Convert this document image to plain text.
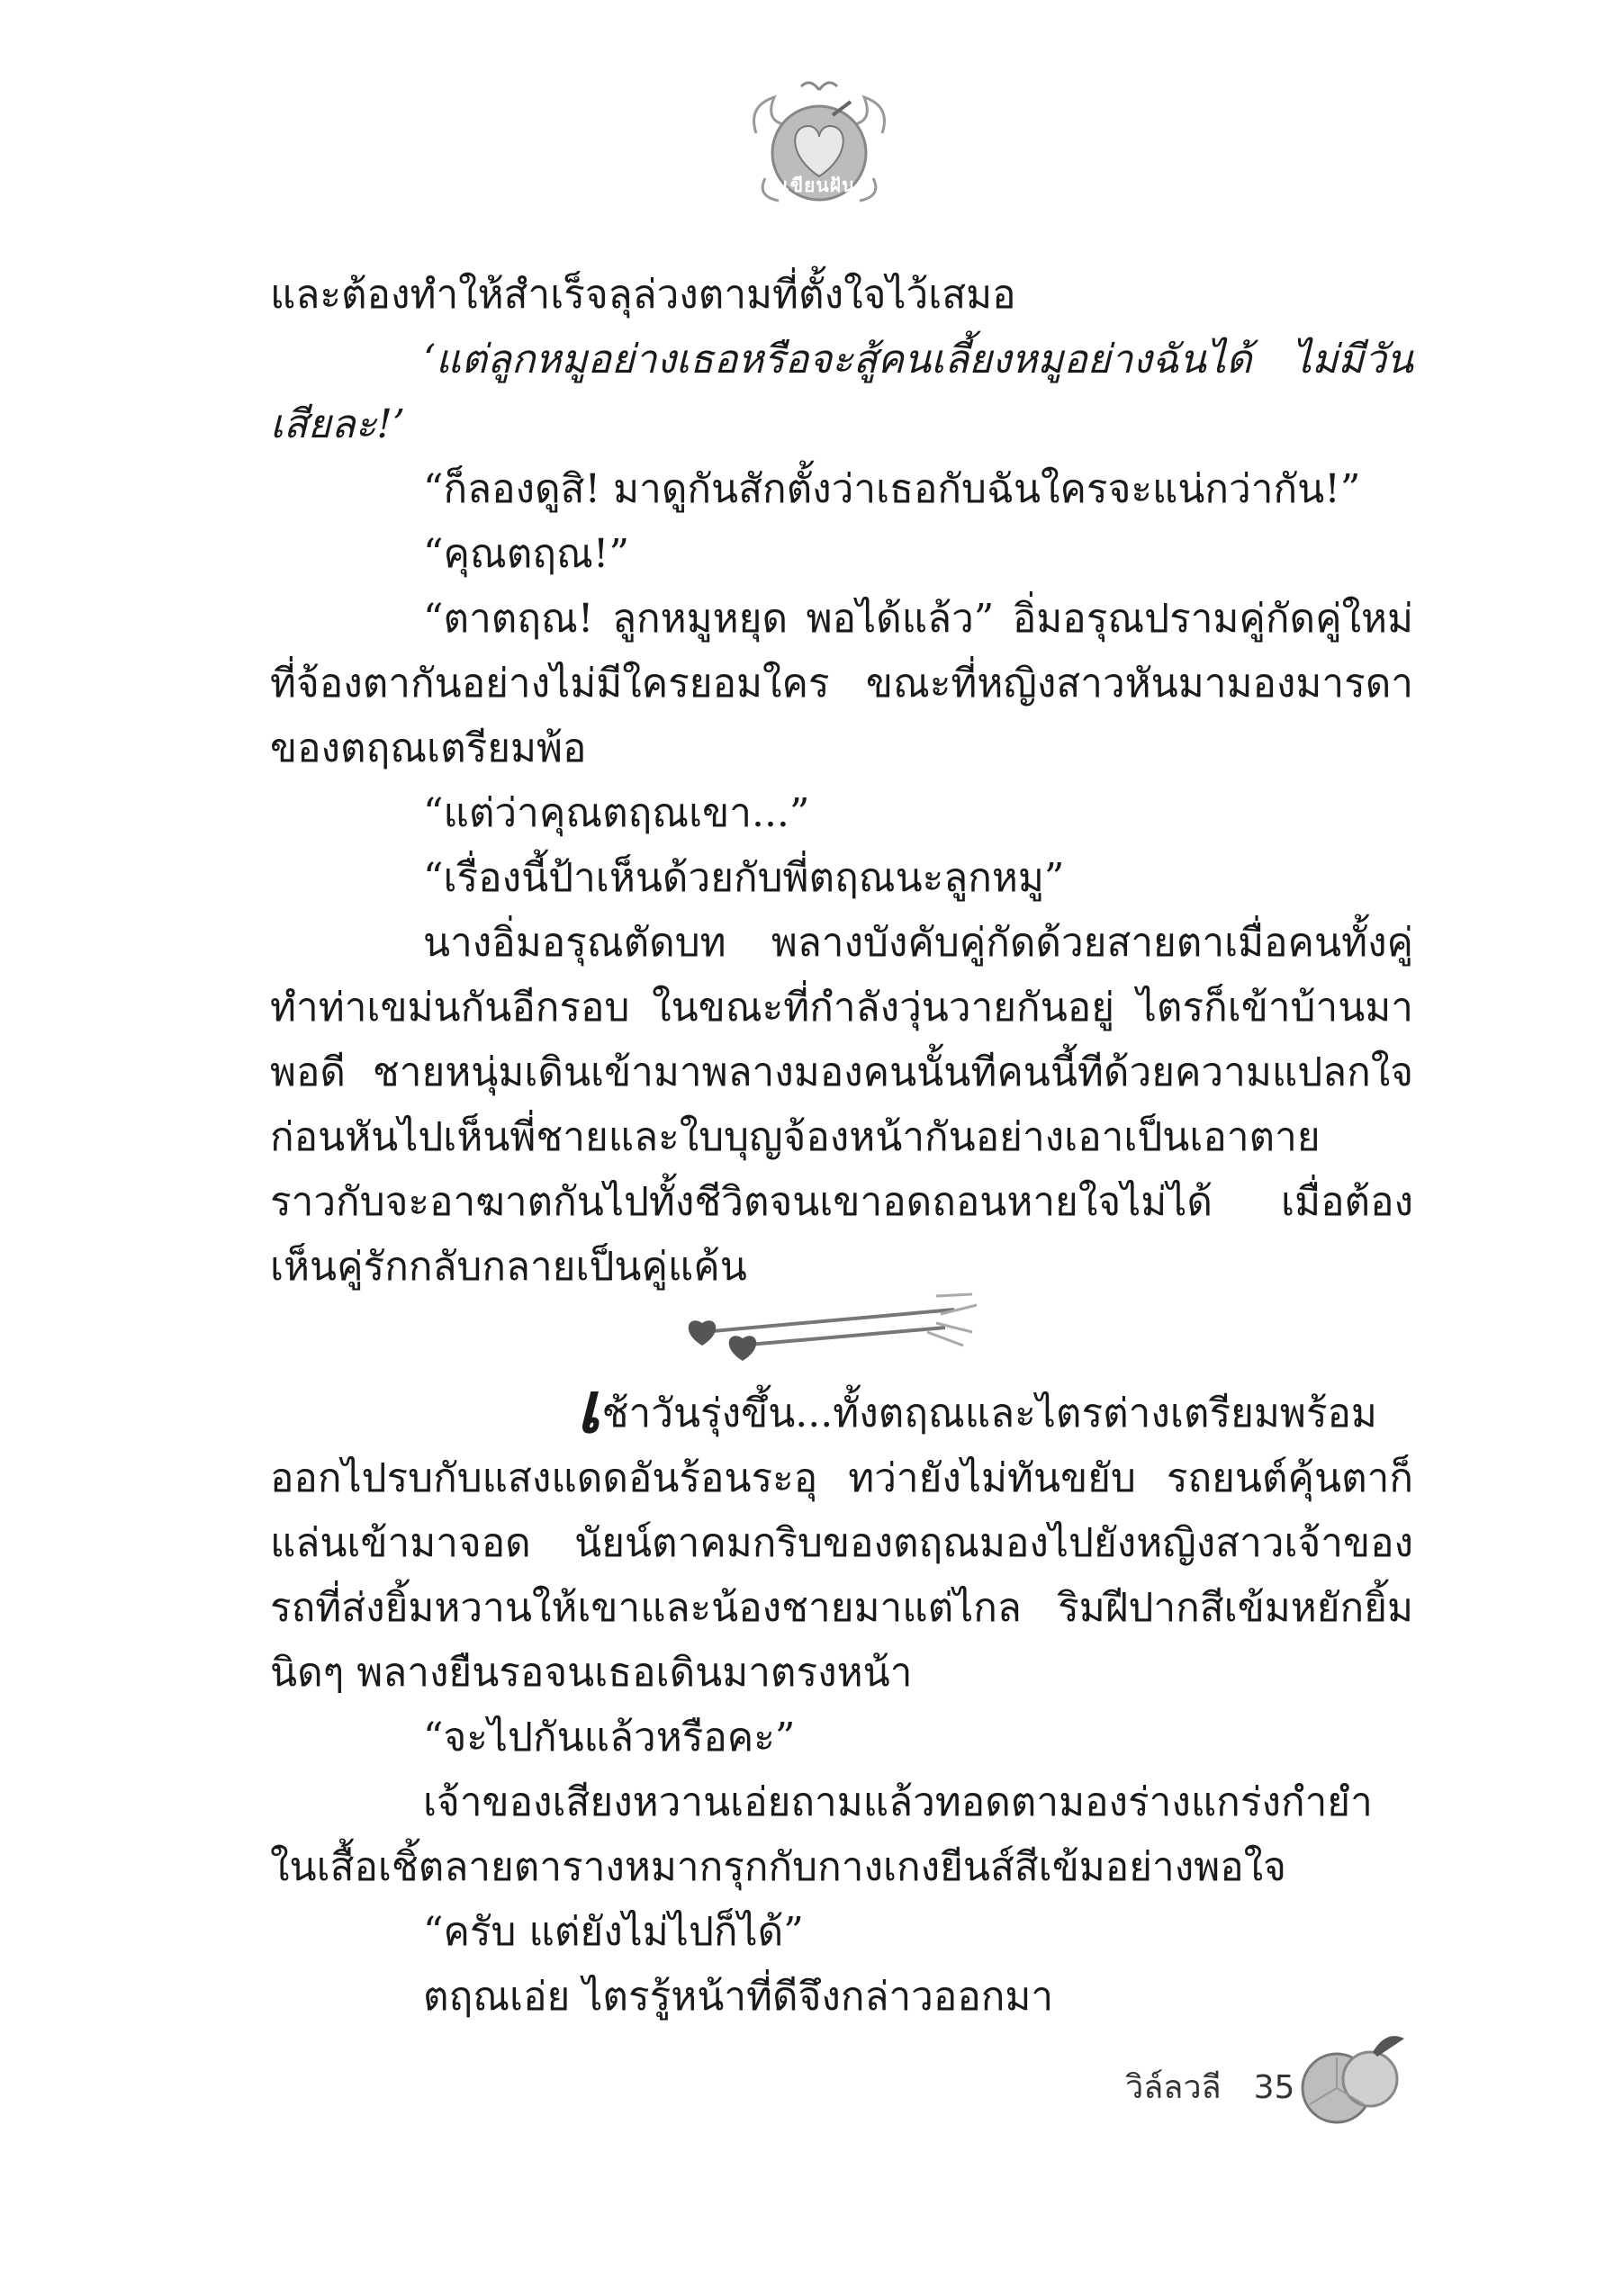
เขียนฝัน

และต้องทำให้สำเร็จลุล่วงตามที่ตั้งใจไว้เสมอ

‘แต่ลูกหมูอย่างเธอหรือจะสู้คนเลี้ยงหมูอย่างฉันได้ ไม่มีวันเสียละ!’

“ก็ลองดูสิ! มาดูกันสักตั้งว่าเธอกับฉันใครจะแน่กว่ากัน!”

“คุณตฤณ!”

“ตาตฤณ! ลูกหมูหยุด พอได้แล้ว” อิ่มอรุณปรามคู่กัดคู่ใหม่ที่จ้องตากันอย่างไม่มีใครยอมใคร ขณะที่หญิงสาวหันมามองมารดาของตฤณเตรียมพ้อ

“แต่ว่าคุณตฤณเขา...”

“เรื่องนี้ป้าเห็นด้วยกับพี่ตฤณนะลูกหมู”

นางอิ่มอรุณตัดบท พลางบังคับคู่กัดด้วยสายตาเมื่อคนทั้งคู่ทำท่าเขม่นกันอีกรอบ ในขณะที่กำลังวุ่นวายกันอยู่ ไตรก็เข้าบ้านมาพอดี ชายหนุ่มเดินเข้ามาพลางมองคนนั้นทีคนนี้ทีด้วยความแปลกใจก่อนหันไปเห็นพี่ชายและใบบุญจ้องหน้ากันอย่างเอาเป็นเอาตายราวกับจะอาฆาตกันไปทั้งชีวิตจนเขาอดถอนหายใจไม่ได้ เมื่อต้องเห็นคู่รักกลับกลายเป็นคู่แค้น

เช้าวันรุ่งขึ้น...ทั้งตฤณและไตรต่างเตรียมพร้อมออกไปรบกับแสงแดดอันร้อนระอุ ทว่ายังไม่ทันขยับ รถยนต์คุ้นตาก็แล่นเข้ามาจอด นัยน์ตาคมกริบของตฤณมองไปยังหญิงสาวเจ้าของรถที่ส่งยิ้มหวานให้เขาและน้องชายมาแต่ไกล ริมฝีปากสีเข้มหยักยิ้มนิดๆ พลางยืนรอจนเธอเดินมาตรงหน้า

“จะไปกันแล้วหรือคะ”

เจ้าของเสียงหวานเอ่ยถามแล้วทอดตามองร่างแกร่งกำยำในเสื้อเชิ้ตลายตารางหมากรุกกับกางเกงยีนส์สีเข้มอย่างพอใจ

“ครับ แต่ยังไม่ไปก็ได้”

ตฤณเอ่ย ไตรรู้หน้าที่ดีจึงกล่าวออกมา

วิล์ลวลี 35
